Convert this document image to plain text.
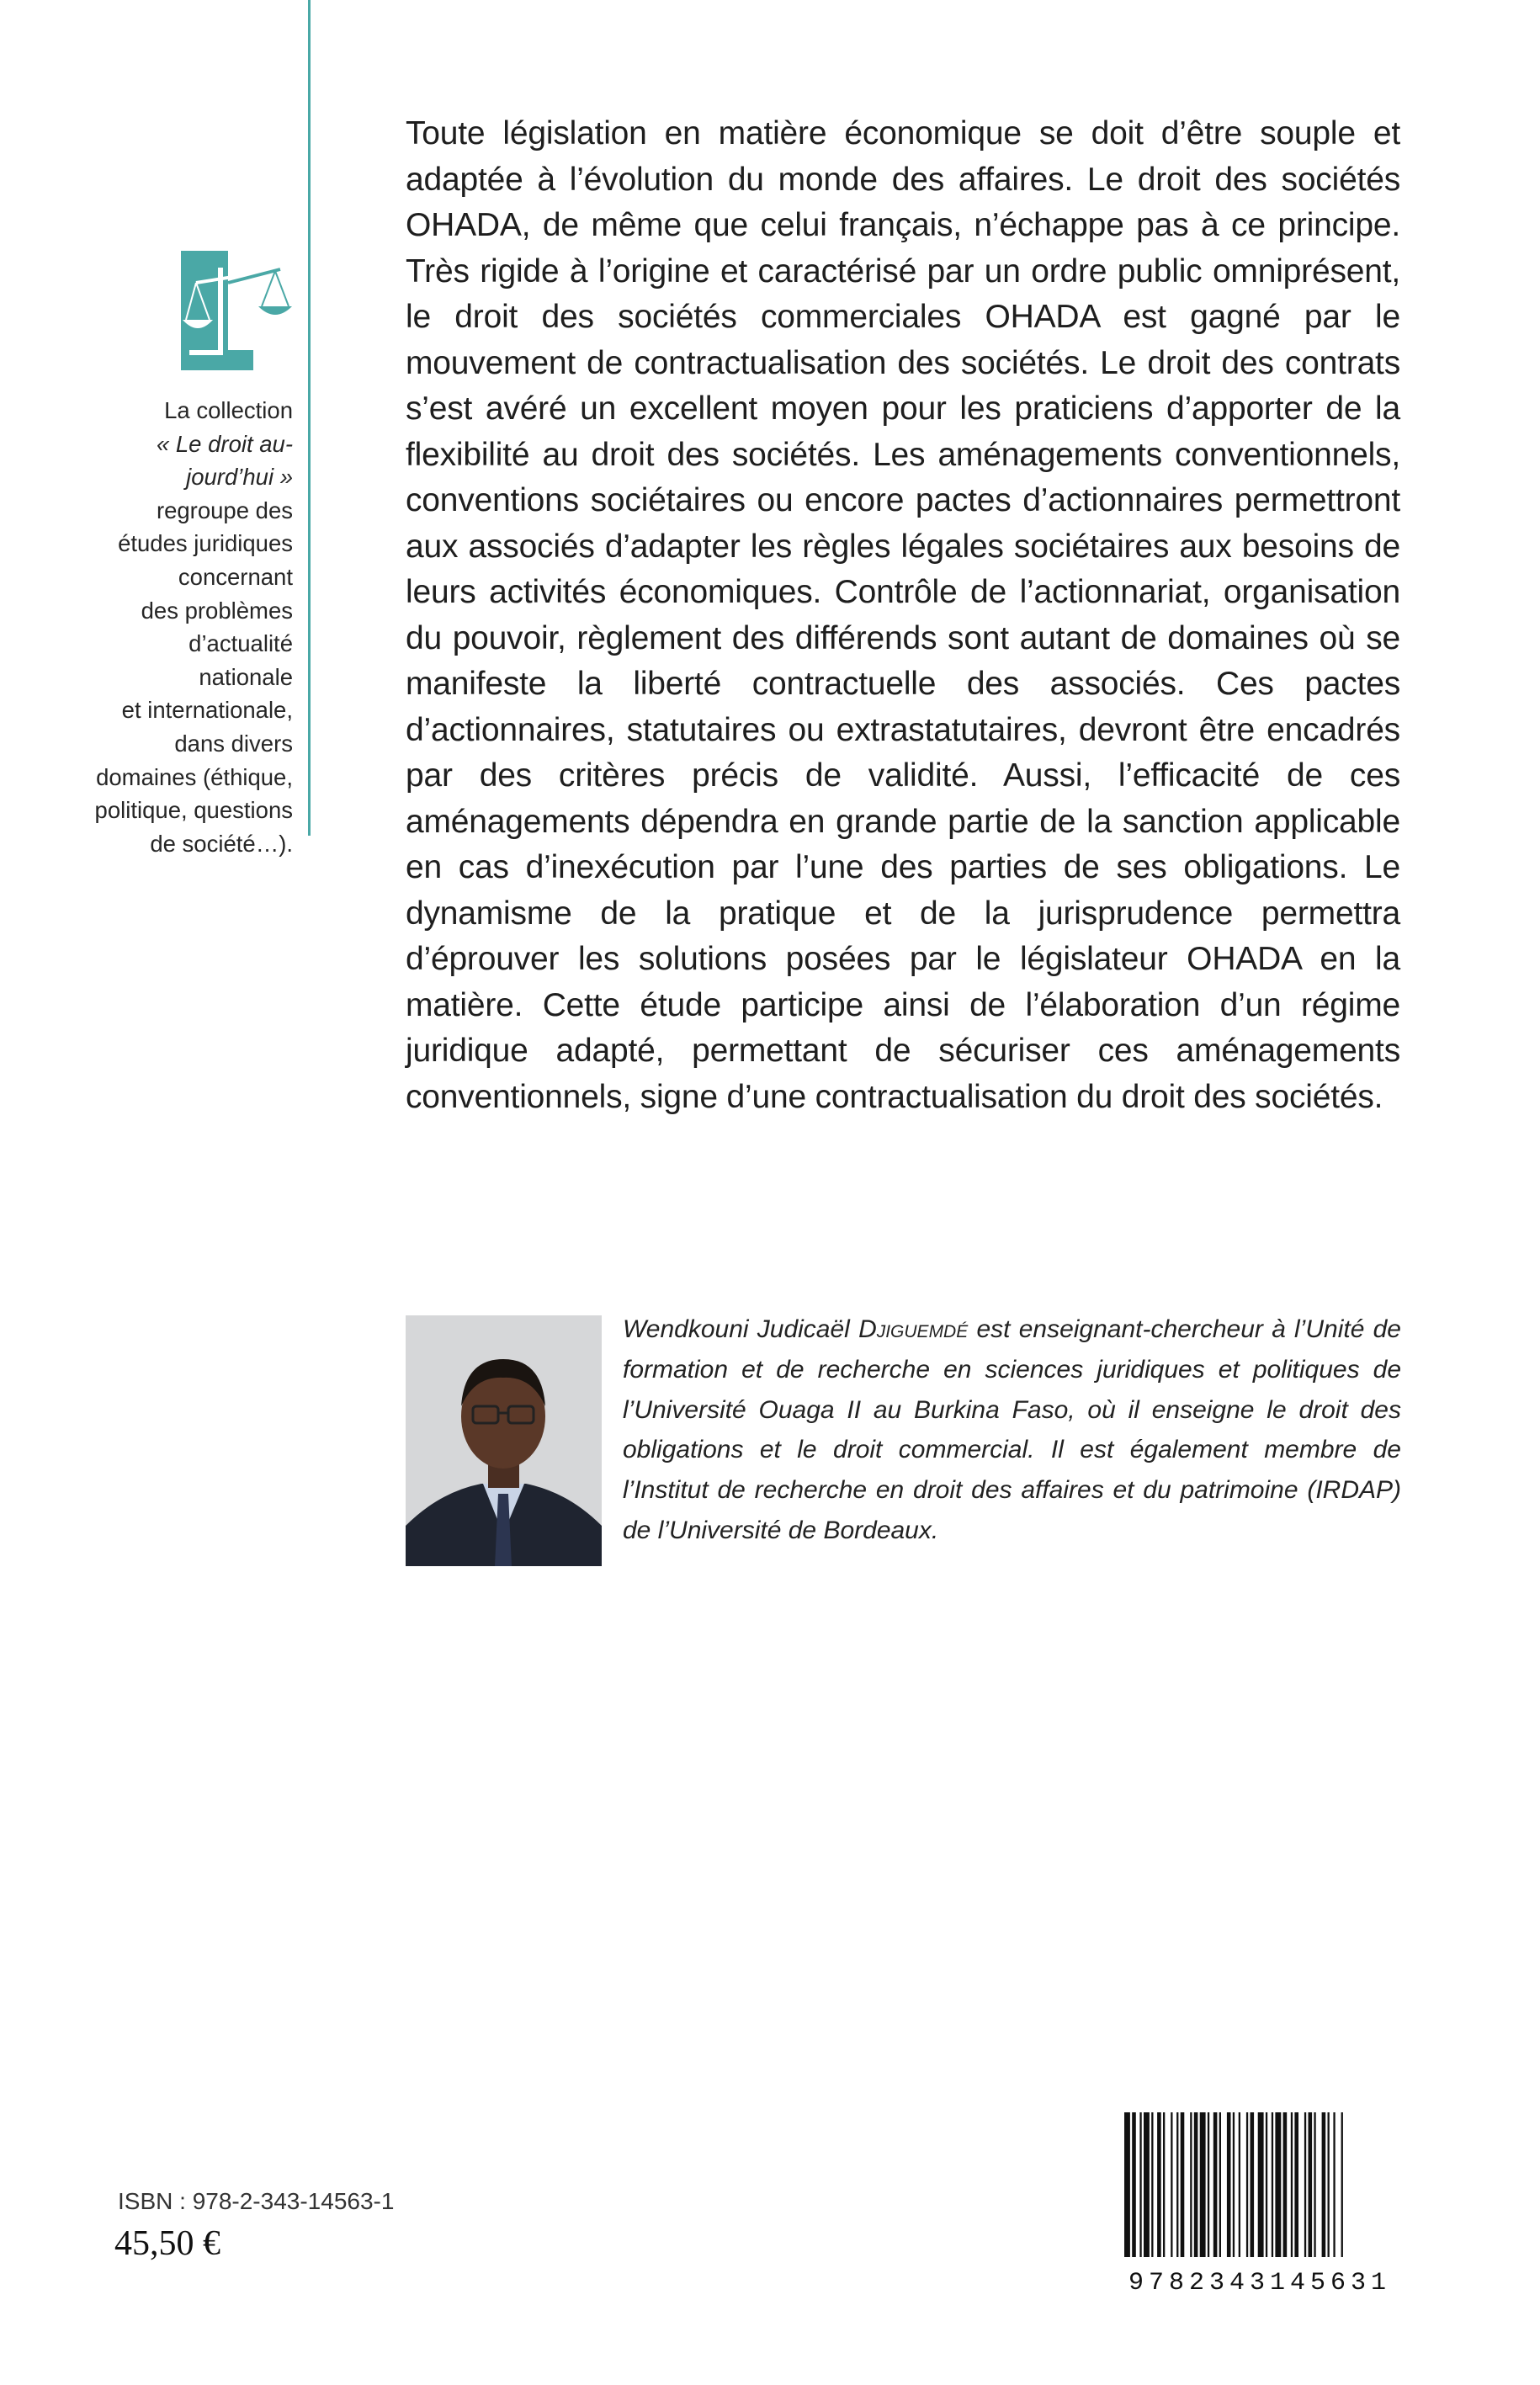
La collection

« Le droit au-

jourd’hui »

regroupe des

études juridiques

concernant

des problèmes

d’actualité

nationale

et internationale,

dans divers

domaines (éthique,

politique, questions

de société…).

Toute législation en matière économique se doit d’être souple et adaptée à l’évolution du monde des affaires. Le droit des sociétés OHADA, de même que celui français, n’échappe pas à ce principe. Très rigide à l’origine et caractérisé par un ordre public omniprésent, le droit des sociétés commerciales OHADA est gagné par le mouvement de contractualisation des sociétés. Le droit des contrats s’est avéré un excellent moyen pour les praticiens d’apporter de la flexibilité au droit des sociétés. Les aménagements conventionnels, conventions sociétaires ou encore pactes d’actionnaires permettront aux associés d’adapter les règles légales sociétaires aux besoins de leurs activités économiques. Contrôle de l’actionnariat, organisation du pouvoir, règlement des différends sont autant de domaines où se manifeste la liberté contractuelle des associés. Ces pactes d’actionnaires, statutaires ou extrastatutaires, devront être encadrés par des critères précis de validité. Aussi, l’efficacité de ces aménagements dépendra en grande partie de la sanction applicable en cas d’inexécution par l’une des parties de ses obligations. Le dynamisme de la pratique et de la jurisprudence permettra d’éprouver les solutions posées par le législateur OHADA en la matière. Cette étude participe ainsi de l’élaboration d’un régime juridique adapté, permettant de sécuriser ces aménagements conventionnels, signe d’une contractualisation du droit des sociétés.

Wendkouni Judicaël Djiguemdé est enseignant-chercheur à l’Unité de formation et de recherche en sciences juridiques et politiques de l’Université Ouaga II au Burkina Faso, où il enseigne le droit des obligations et le droit commercial. Il est également membre de l’Institut de recherche en droit des affaires et du patrimoine (IRDAP) de l’Université de Bordeaux.

ISBN : 978-2-343-14563-1
45,50 €
9782343145631
